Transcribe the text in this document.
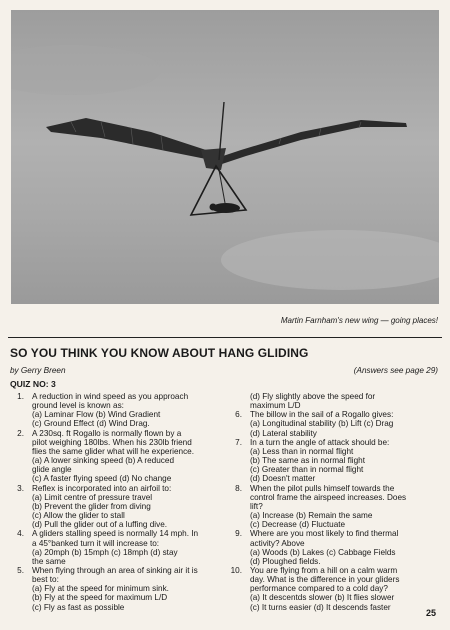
Martin Farnham's new wing — going places!
SO YOU THINK YOU KNOW ABOUT HANG GLIDING
by Gerry Breen	(Answers see page 29)
QUIZ NO: 3
1. A reduction in wind speed as you approach
ground level is known as:
(a) Laminar Flow (b) Wind Gradient
(c) Ground Effect (d) Wind Drag.
2. A 230sq. ft Rogallo is normally flown by a
pilot weighing 180lbs. When his 230lb friend
flies the same glider what will he experience.
(a) A lower sinking speed (b) A reduced
glide angle
(c) A faster flying speed (d) No change
3. Reflex is incorporated into an airfoil to:
(a) Limit centre of pressure travel
(b) Prevent the glider from diving
(c) Allow the glider to stall
(d) Pull the glider out of a luffing dive.
4. A gliders stalling speed is normally 14 mph. In
a 45°banked turn it will increase to:
(a) 20mph (b) 15mph (c) 18mph (d) stay
the same
5. When flying through an area of sinking air it is
best to:
(a) Fly at the speed for minimum sink.
(b) Fly at the speed for maximum L/D
(c) Fly as fast as possible
(d) Fly slightly above the speed for
maximum L/D
6. The billow in the sail of a Rogallo gives:
(a) Longitudinal stability (b) Lift (c) Drag
(d) Lateral stability
7. In a turn the angle of attack should be:
(a) Less than in normal flight
(b) The same as in normal flight
(c) Greater than in normal flight
(d) Doesn't matter
8. When the pilot pulls himself towards the
control frame the airspeed increases. Does
lift?
(a) Increase (b) Remain the same
(c) Decrease (d) Fluctuate
9. Where are you most likely to find thermal
activity? Above
(a) Woods (b) Lakes (c) Cabbage Fields
(d) Ploughed fields.
10. You are flying from a hill on a calm warm
day. What is the difference in your gliders
performance compared to a cold day?
(a) It descentds slower (b) It flies slower
(c) It turns easier (d) It descends faster
25
